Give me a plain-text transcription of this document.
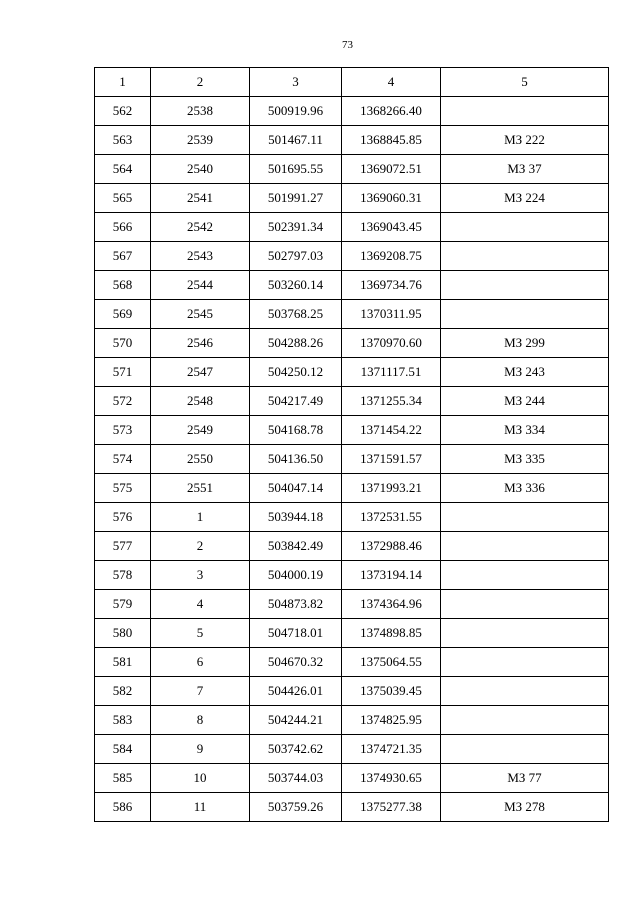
73
1	2	3	4	5
562	2538	500919.96	1368266.40	
563	2539	501467.11	1368845.85	МЗ 222
564	2540	501695.55	1369072.51	МЗ 37
565	2541	501991.27	1369060.31	МЗ 224
566	2542	502391.34	1369043.45	
567	2543	502797.03	1369208.75	
568	2544	503260.14	1369734.76	
569	2545	503768.25	1370311.95	
570	2546	504288.26	1370970.60	МЗ 299
571	2547	504250.12	1371117.51	МЗ 243
572	2548	504217.49	1371255.34	МЗ 244
573	2549	504168.78	1371454.22	МЗ 334
574	2550	504136.50	1371591.57	МЗ 335
575	2551	504047.14	1371993.21	МЗ 336
576	1	503944.18	1372531.55	
577	2	503842.49	1372988.46	
578	3	504000.19	1373194.14	
579	4	504873.82	1374364.96	
580	5	504718.01	1374898.85	
581	6	504670.32	1375064.55	
582	7	504426.01	1375039.45	
583	8	504244.21	1374825.95	
584	9	503742.62	1374721.35	
585	10	503744.03	1374930.65	МЗ 77
586	11	503759.26	1375277.38	МЗ 278
